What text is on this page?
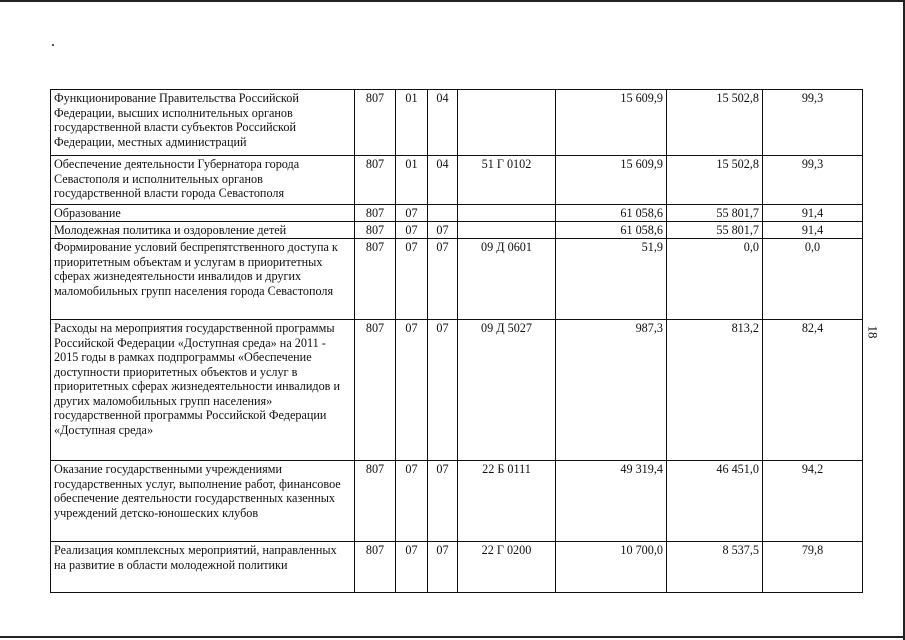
Функционирование Правительства Российской Федерации, высших исполнительных органов государственной власти субъектов Российской Федерации, местных администраций	807	01	04		15 609,9	15 502,8	99,3
Обеспечение деятельности Губернатора города Севастополя и исполнительных органов государственной власти города Севастополя	807	01	04	51 Г 0102	15 609,9	15 502,8	99,3
Образование	807	07			61 058,6	55 801,7	91,4
Молодежная политика и оздоровление детей	807	07	07		61 058,6	55 801,7	91,4
Формирование условий беспрепятственного доступа к приоритетным объектам и услугам в приоритетных сферах жизнедеятельности инвалидов и других маломобильных групп населения города Севастополя	807	07	07	09 Д 0601	51,9	0,0	0,0
Расходы на мероприятия государственной программы Российской Федерации «Доступная среда» на 2011 - 2015 годы в рамках подпрограммы «Обеспечение доступности приоритетных объектов и услуг в приоритетных сферах жизнедеятельности инвалидов и других маломобильных групп населения» государственной программы Российской Федерации «Доступная среда»	807	07	07	09 Д 5027	987,3	813,2	82,4
Оказание государственными учреждениями государственных услуг, выполнение работ, финансовое обеспечение деятельности государственных казенных учреждений детско-юношеских клубов	807	07	07	22 Б 0111	49 319,4	46 451,0	94,2
Реализация комплексных мероприятий, направленных на развитие в области молодежной политики	807	07	07	22 Г 0200	10 700,0	8 537,5	79,8
18
